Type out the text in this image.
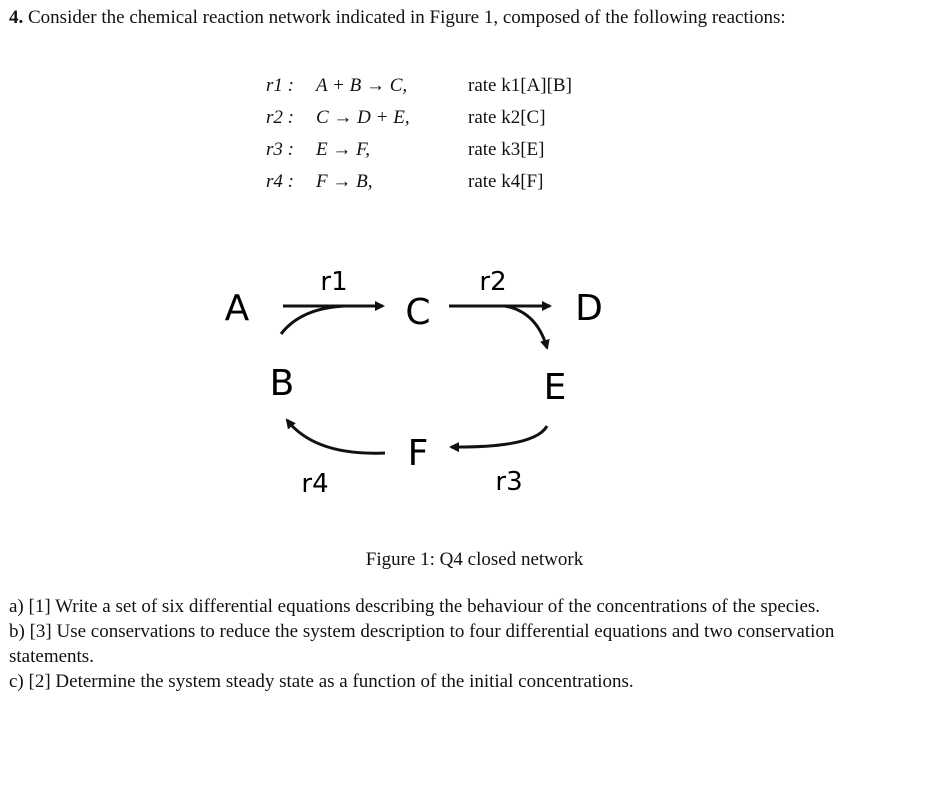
4. Consider the chemical reaction network indicated in Figure 1, composed of the following reactions:
r1 :	A + B → C,	rate k1[A][B]
r2 :	C → D + E,	rate k2[C]
r3 :	E → F,	rate k3[E]
r4 :	F → B,	rate k4[F]
A	C	D
B	E
F
r1	r2
r3
r4
Figure 1: Q4 closed network

a) [1] Write a set of six differential equations describing the behaviour of the concentrations of the species.

b) [3] Use conservations to reduce the system description to four differential equations and two conservation statements.

c) [2] Determine the system steady state as a function of the initial concentrations.
